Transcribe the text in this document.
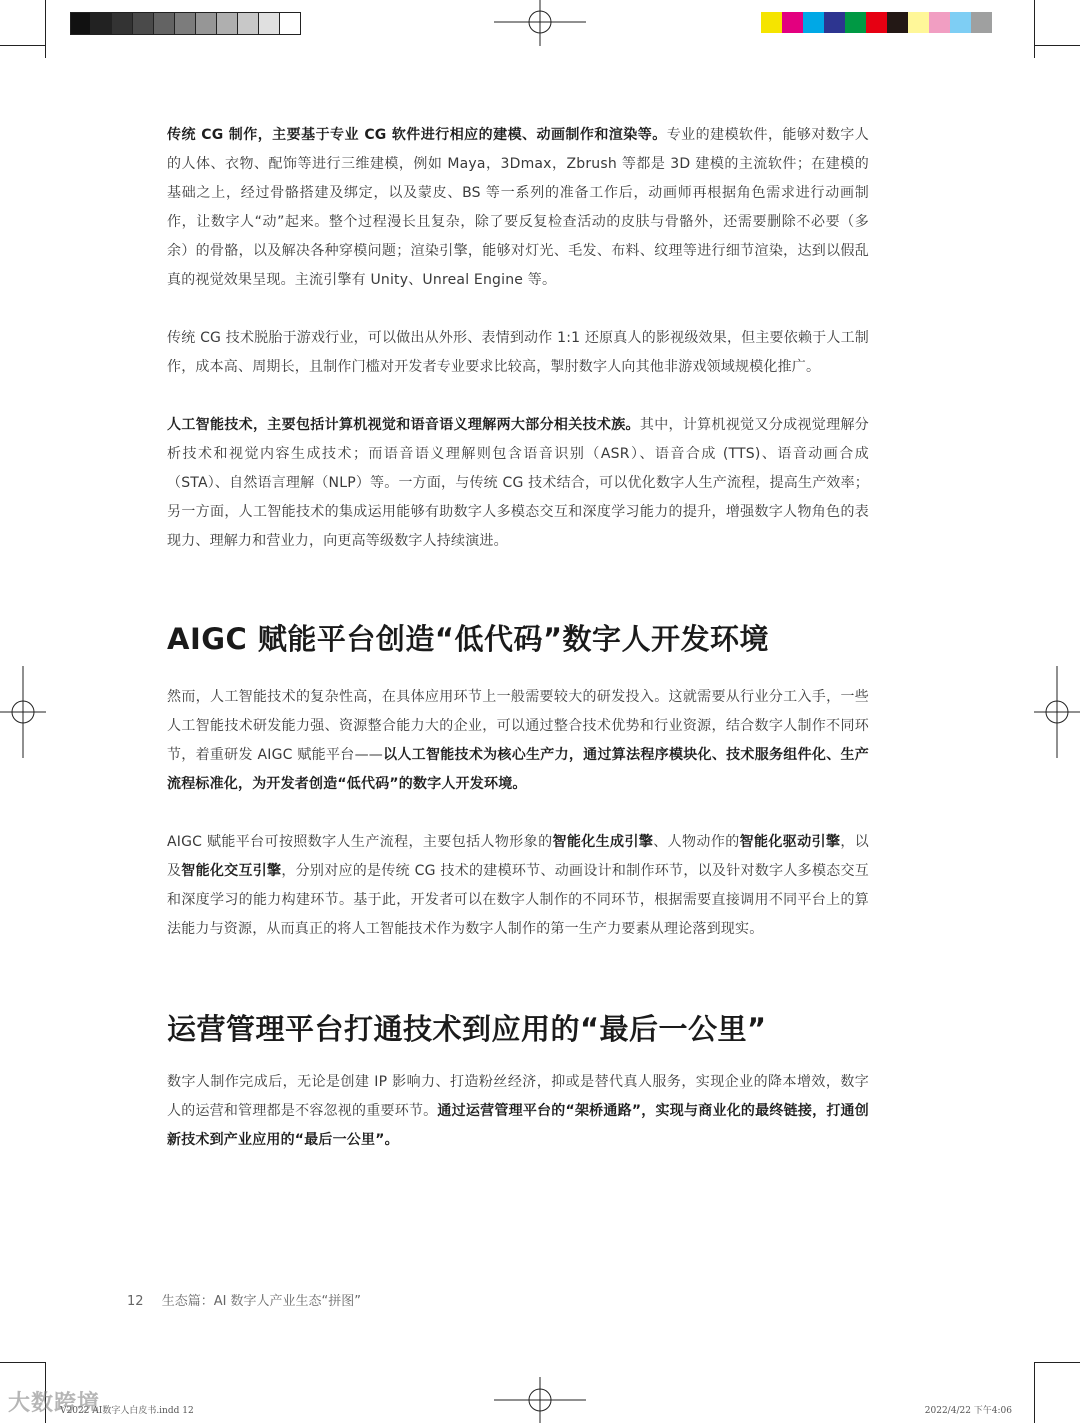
传统 CG 制作，主要基于专业 CG 软件进行相应的建模、动画制作和渲染等。专业的建模软件，能够对数字人的人体、衣物、配饰等进行三维建模，例如 Maya，3Dmax，Zbrush 等都是 3D 建模的主流软件；在建模的基础之上，经过骨骼搭建及绑定，以及蒙皮、BS 等一系列的准备工作后，动画师再根据角色需求进行动画制作，让数字人“动”起来。整个过程漫长且复杂，除了要反复检查活动的皮肤与骨骼外，还需要删除不必要（多余）的骨骼，以及解决各种穿模问题；渲染引擎，能够对灯光、毛发、布料、纹理等进行细节渲染，达到以假乱真的视觉效果呈现。主流引擎有 Unity、Unreal Engine 等。

传统 CG 技术脱胎于游戏行业，可以做出从外形、表情到动作 1:1 还原真人的影视级效果，但主要依赖于人工制作，成本高、周期长，且制作门槛对开发者专业要求比较高，掣肘数字人向其他非游戏领域规模化推广。

人工智能技术，主要包括计算机视觉和语音语义理解两大部分相关技术族。其中，计算机视觉又分成视觉理解分析技术和视觉内容生成技术；而语音语义理解则包含语音识别（ASR）、语音合成 (TTS)、语音动画合成（STA）、自然语言理解（NLP）等。一方面，与传统 CG 技术结合，可以优化数字人生产流程，提高生产效率；另一方面，人工智能技术的集成运用能够有助数字人多模态交互和深度学习能力的提升，增强数字人物角色的表现力、理解力和营业力，向更高等级数字人持续演进。

AIGC 赋能平台创造“低代码”数字人开发环境

然而，人工智能技术的复杂性高，在具体应用环节上一般需要较大的研发投入。这就需要从行业分工入手，一些人工智能技术研发能力强、资源整合能力大的企业，可以通过整合技术优势和行业资源，结合数字人制作不同环节，着重研发 AIGC 赋能平台——以人工智能技术为核心生产力，通过算法程序模块化、技术服务组件化、生产流程标准化，为开发者创造“低代码”的数字人开发环境。

AIGC 赋能平台可按照数字人生产流程，主要包括人物形象的智能化生成引擎、人物动作的智能化驱动引擎，以及智能化交互引擎，分别对应的是传统 CG 技术的建模环节、动画设计和制作环节，以及针对数字人多模态交互和深度学习的能力构建环节。基于此，开发者可以在数字人制作的不同环节，根据需要直接调用不同平台上的算法能力与资源，从而真正的将人工智能技术作为数字人制作的第一生产力要素从理论落到现实。

运营管理平台打通技术到应用的“最后一公里”

数字人制作完成后，无论是创建 IP 影响力、打造粉丝经济，抑或是替代真人服务，实现企业的降本增效，数字人的运营和管理都是不容忽视的重要环节。通过运营管理平台的“架桥通路”，实现与商业化的最终链接，打通创新技术到产业应用的“最后一公里”。

12 生态篇：AI 数字人产业生态“拼图”
V2022 AI数字人白皮书.indd 12	2022/4/22 下午4:06
大数跨境
